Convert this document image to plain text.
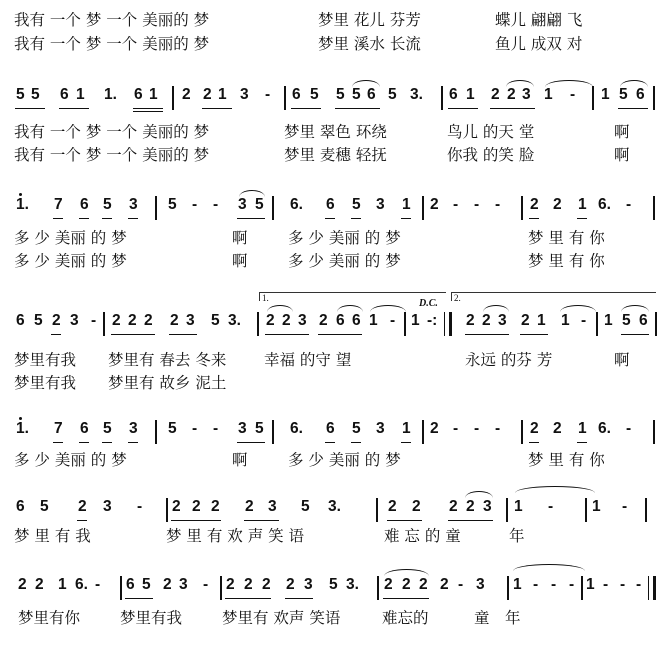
我有 一个 梦 一个 美丽的 梦	梦里 花儿 芬芳	蝶儿 翩翩 飞
我有 一个 梦 一个 美丽的 梦	梦里 溪水 长流	鱼儿 成双 对
5 5 6 1 1. 6 1 2 2 1 3 - 6 5 5 5 6 5 3. 6 1 2 2 3 1 - 1 5 6
我有 一个 梦 一个 美丽的 梦	梦里 翠色 环绕	鸟儿 的天 堂	啊
我有 一个 梦 一个 美丽的 梦	梦里 麦穗 轻抚	你我 的笑 脸	啊
1. 7 6 5 3 5 - - 3 5 6. 6 5 3 1 2 - - - 2 2 1 6. -
多 少 美丽 的 梦	啊	多 少 美丽 的 梦	梦 里 有 你
多 少 美丽 的 梦	啊	多 少 美丽 的 梦	梦 里 有 你
1.	2.
D.C.
6 5 2 3 - 2 2 2 2 3 5 3. 2 2 3 2 6 6 1 - 1 -: 2 2 3 2 1 1 - 1 5 6
梦里有我 梦里有 春去 冬来 幸福 的守 望	永远 的芬 芳	啊
梦里有我 梦里有 故乡 泥土
1. 7 6 5 3 5 - - 3 5 6. 6 5 3 1 2 - - - 2 2 1 6. -
多 少 美丽 的 梦	啊	多 少 美丽 的 梦	梦 里 有 你
6 5 2 3 - 2 2 2 2 3 5 3.	2 2 2 2 3 1 -	1 -
梦 里 有 我	梦 里 有 欢 声 笑 语	难 忘 的 童	年
2 2 1 6. - 6 5 2 3 - 2 2 2 2 3 5 3. 2 2 2 2 - 3 1 - - - 1 - - -
梦里有你	梦里有我	梦里有 欢声 笑语	难忘的	童 年
